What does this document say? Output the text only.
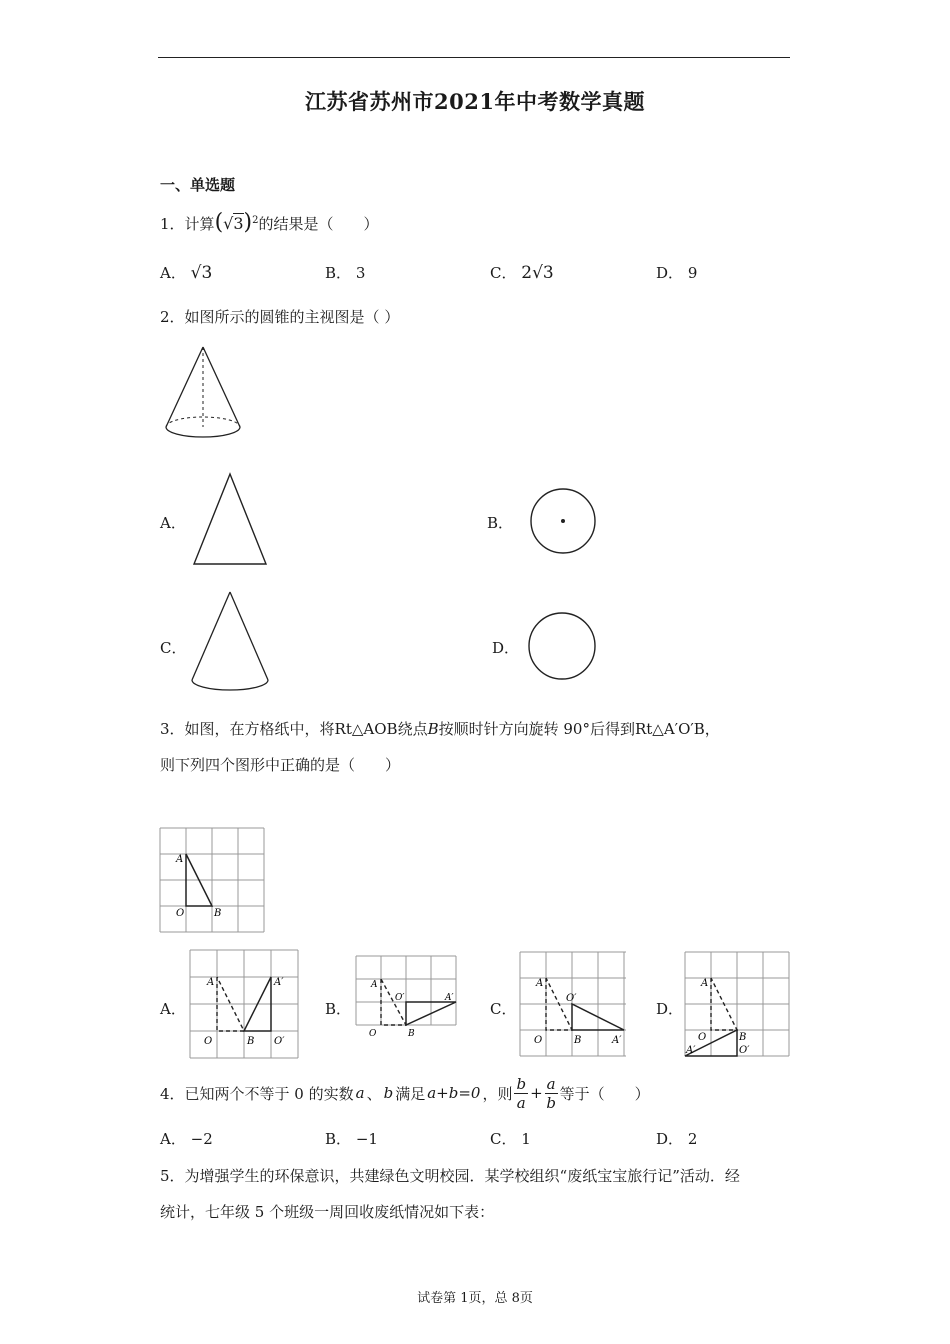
江苏省苏州市2021年中考数学真题
一、单选题
1．计算$(√3)^2$的结果是（　　）
A． √3	B． 3	C． 2√3	D． 9
2．如图所示的圆锥的主视图是（ ）
A．	B．
C．	D．
3．如图，在方格纸中，将Rt△AOB绕点B按顺时针方向旋转 90°后得到Rt△A′O′B，
则下列四个图形中正确的是（　　）
A
O	B
A．
A
O	B
A′
O′
B．
A
O	B
O′	A′
C．
A
O	B
O′
A′
D．
A
O	B
O′
A′
4．已知两个不等于 0 的实数 a 、 b 满足 a+b=0 ，则 $\frac{b}{a} + \frac{a}{b}$ 等于（　　）
A． −2	B． −1	C． 1	D． 2
5．为增强学生的环保意识，共建绿色文明校园．某学校组织“废纸宝宝旅行记”活动．经
统计，七年级 5 个班级一周回收废纸情况如下表：
试卷第 1页，总 8页
